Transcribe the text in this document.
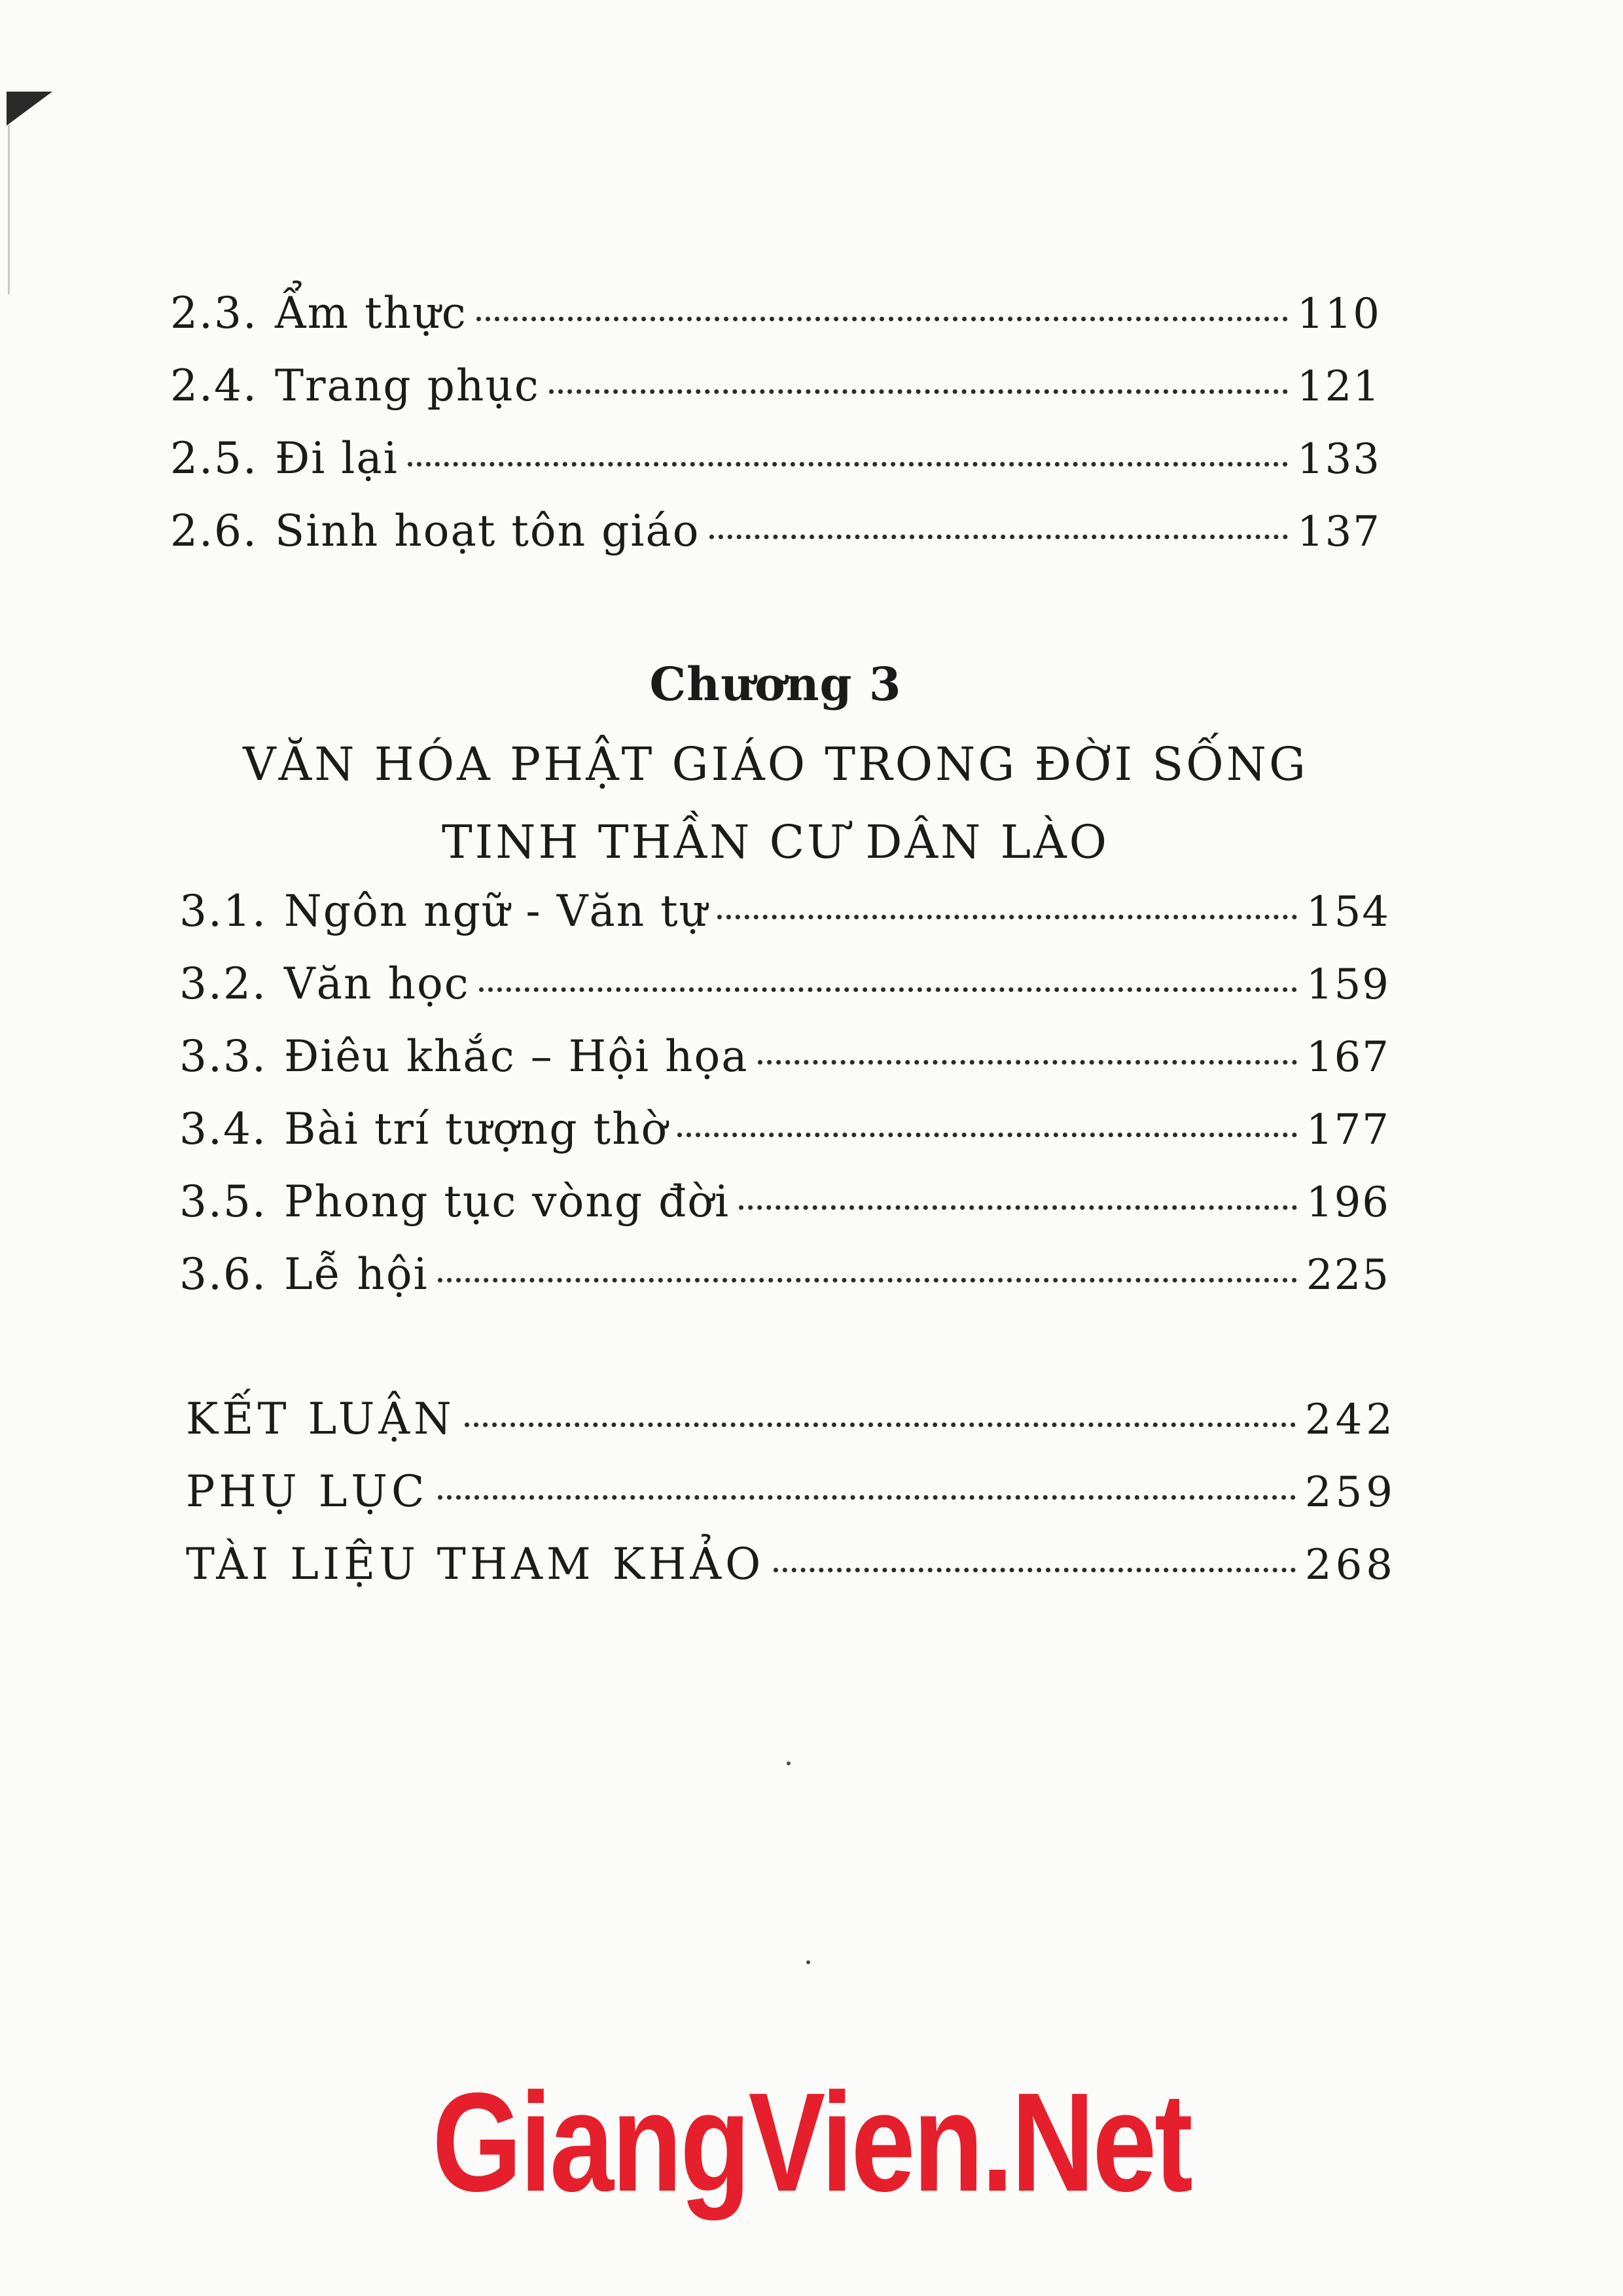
2.3. Ẩm thực	110
2.4. Trang phục	121
2.5. Đi lại	133
2.6. Sinh hoạt tôn giáo	137
Chương 3
VĂN HÓA PHẬT GIÁO TRONG ĐỜI SỐNG
TINH THẦN CƯ DÂN LÀO
3.1. Ngôn ngữ - Văn tự	154
3.2. Văn học	159
3.3. Điêu khắc – Hội họa	167
3.4. Bài trí tượng thờ	177
3.5. Phong tục vòng đời	196
3.6. Lễ hội	225
KẾT LUẬN	242
PHỤ LỤC	259
TÀI LIỆU THAM KHẢO	268
GiangVien.Net
